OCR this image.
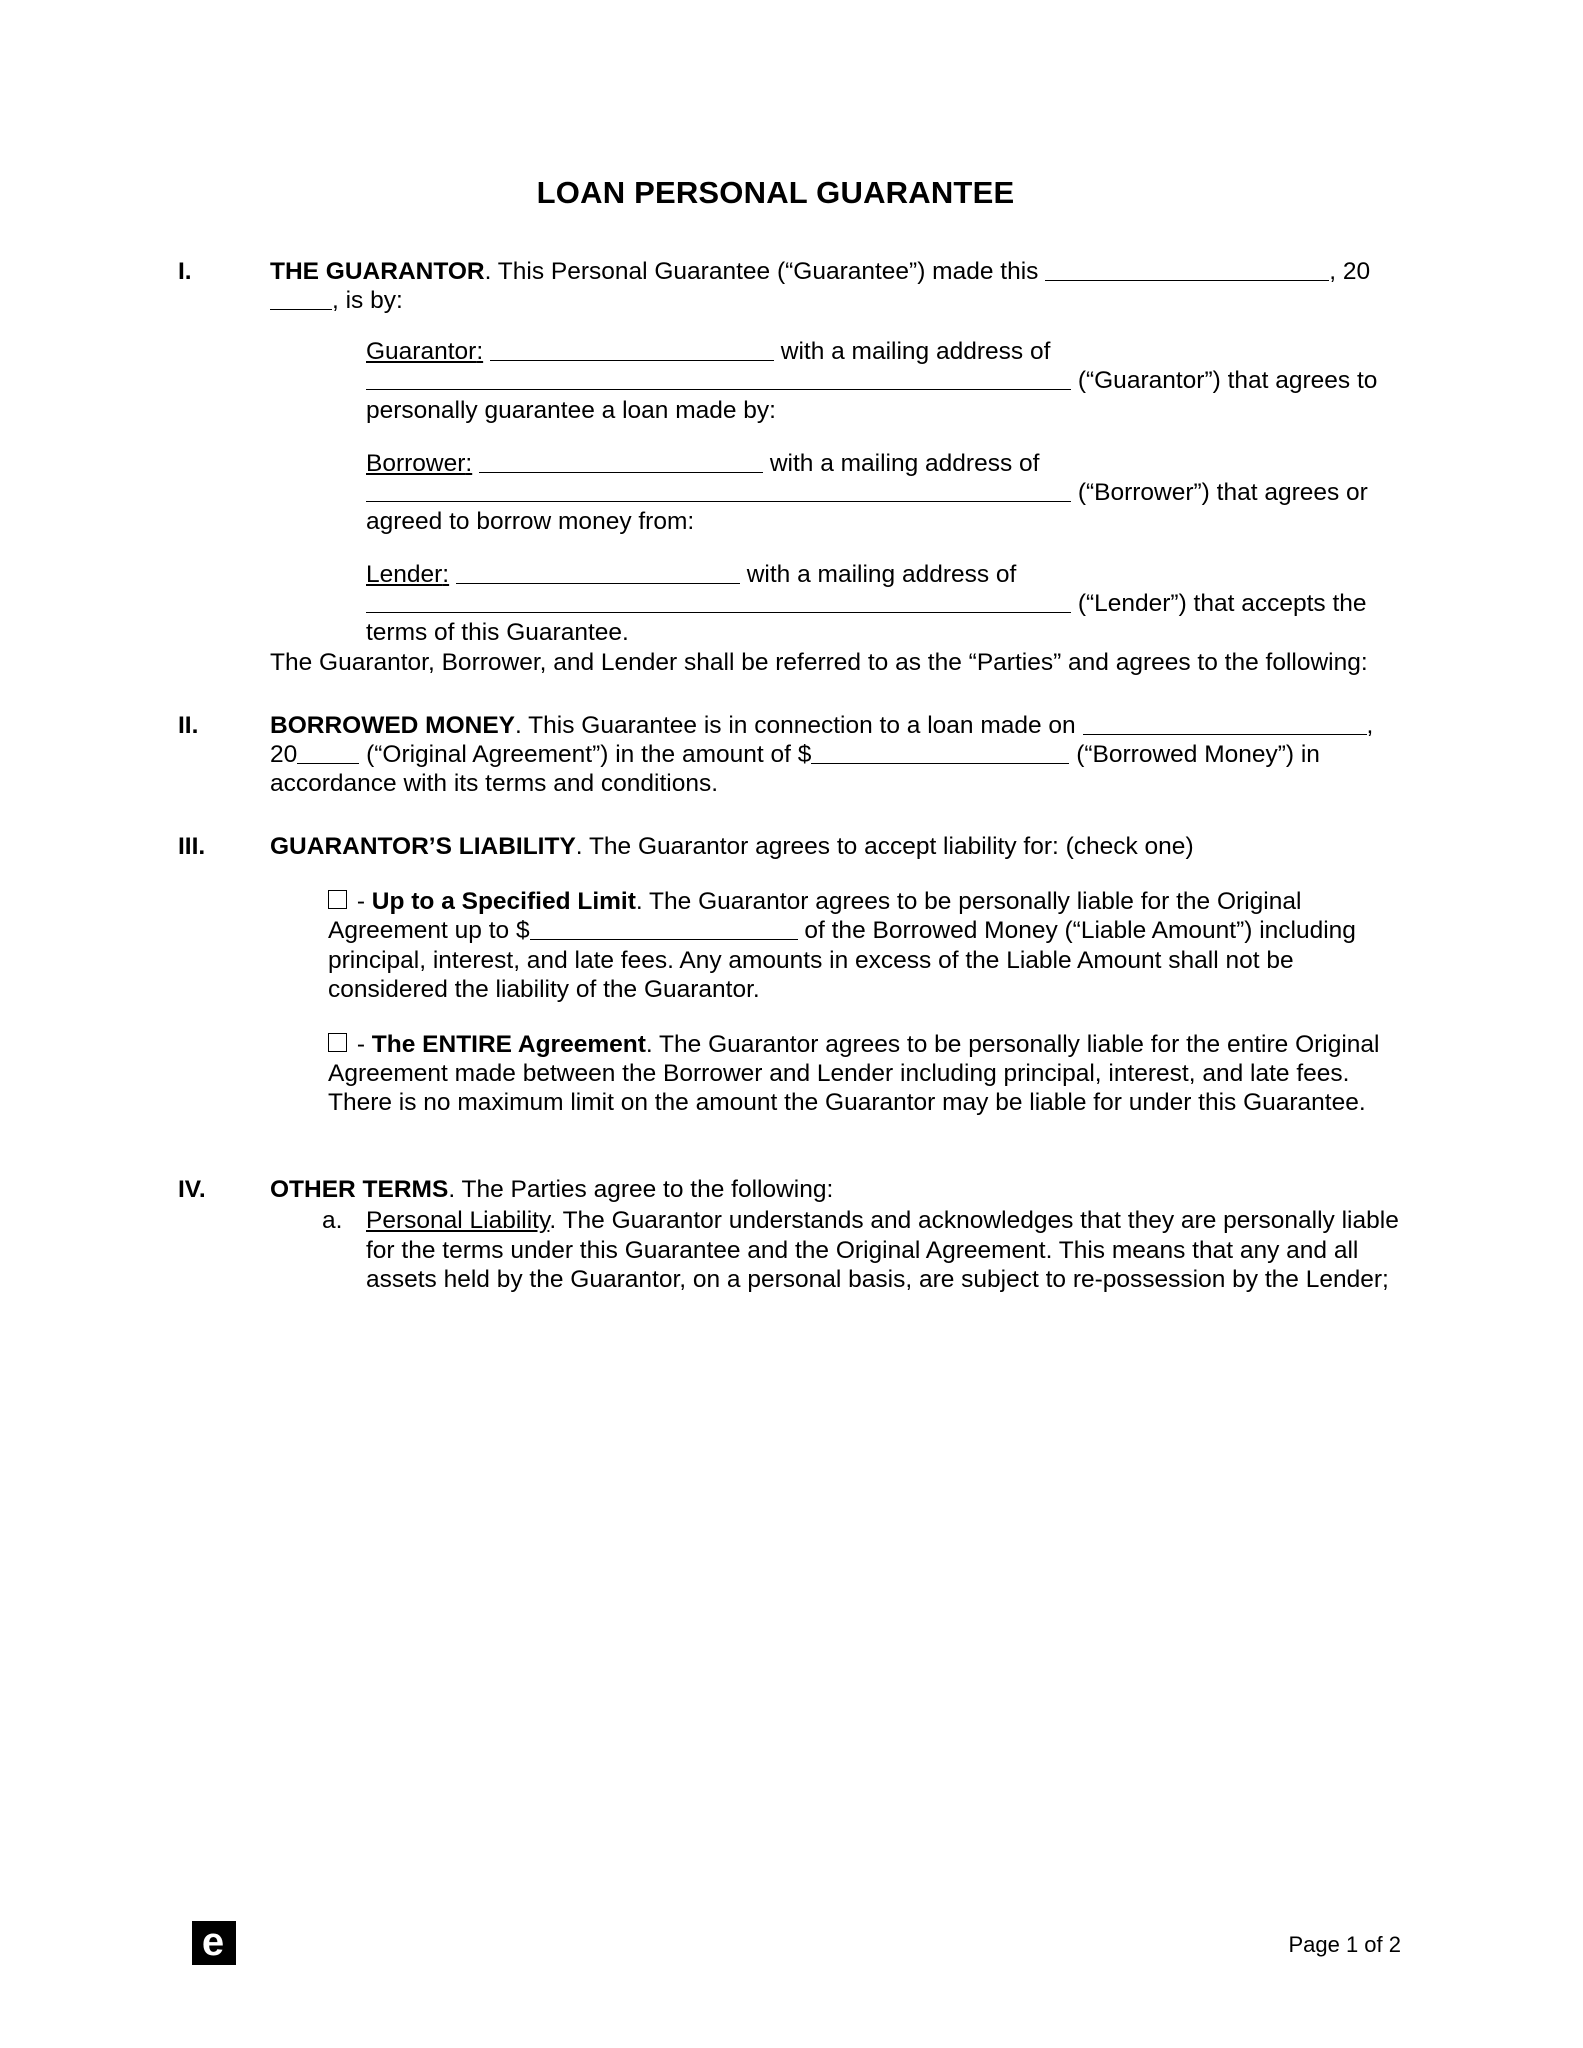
LOAN PERSONAL GUARANTEE
I.	THE GUARANTOR. This Personal Guarantee (“Guarantee”) made this	, 20, is by:

Guarantor:	with a mailing address of  (“Guarantor”) that agrees to personally guarantee a loan made by:
Borrower:	with a mailing address of  (“Borrower”) that agrees or agreed to borrow money from:
Lender:	with a mailing address of  (“Lender”) that accepts the terms of this Guarantee.

The Guarantor, Borrower, and Lender shall be referred to as the “Parties” and agrees to the following:

II.	BORROWED MONEY. This Guarantee is in connection to a loan made on	, 20	(“Original Agreement”) in the amount of $	(“Borrowed Money”) in accordance with its terms and conditions.

III.	GUARANTOR’S LIABILITY. The Guarantor agrees to accept liability for: (check one)

- Up to a Specified Limit. The Guarantor agrees to be personally liable for the Original Agreement up to $	of the Borrowed Money (“Liable Amount”) including principal, interest, and late fees. Any amounts in excess of the Liable Amount shall not be considered the liability of the Guarantor.
- The ENTIRE Agreement. The Guarantor agrees to be personally liable for the entire Original Agreement made between the Borrower and Lender including principal, interest, and late fees. There is no maximum limit on the amount the Guarantor may be liable for under this Guarantee.
IV.	OTHER TERMS. The Parties agree to the following:

a. Personal Liability. The Guarantor understands and acknowledges that they are personally liable for the terms under this Guarantee and the Original Agreement. This means that any and all assets held by the Guarantor, on a personal basis, are subject to re-possession by the Lender;
e	Page 1 of 2
